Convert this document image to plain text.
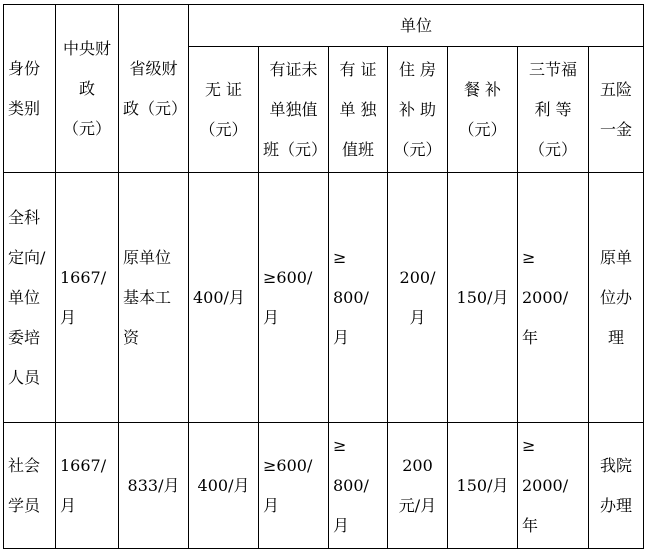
身份类别	中央财政（元）	省级财政（元）	单位						
			无 证（元）	有证未单独值班（元）	有 证单 独值班	住 房补 助（元）	餐 补（元）	三节福利 等（元）	五险一金
全科定向/单位委培人员	1667/月	原单位基本工资	400/月	≥600/月	≥ 800/月	200/月	150/月	≥ 2000/年	原单位办理
社会学员	1667/月	833/月	400/月	≥600/月	≥ 800/月	200 元/月	150/月	≥ 2000/年	我院办理
